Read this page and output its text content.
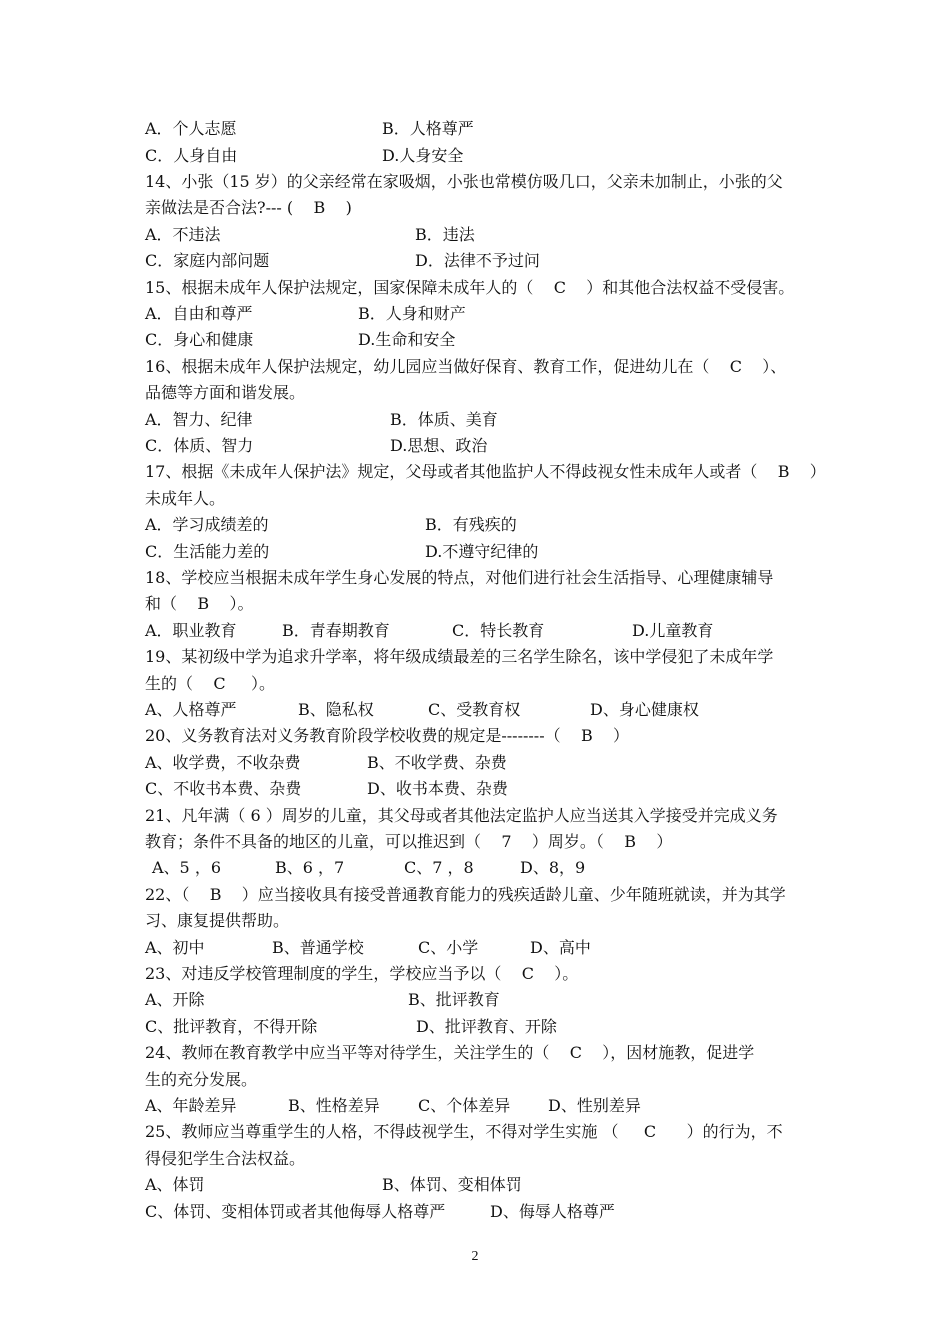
A．个人志愿	B．人格尊严
C．人身自由	D.人身安全
14、小张（15 岁）的父亲经常在家吸烟，小张也常模仿吸几口，父亲未加制止，小张的父
亲做法是否合法?--- (    B    )
A．不违法	B．违法
C．家庭内部问题	D．法律不予过问
15、根据未成年人保护法规定，国家保障未成年人的（    C    ）和其他合法权益不受侵害。
A．自由和尊严	B．人身和财产
C．身心和健康	D.生命和安全
16、根据未成年人保护法规定，幼儿园应当做好保育、教育工作，促进幼儿在（    C    ）、
品德等方面和谐发展。
A．智力、纪律	B．体质、美育
C．体质、智力	D.思想、政治
17、根据《未成年人保护法》规定，父母或者其他监护人不得歧视女性未成年人或者（    B    ）
未成年人。
A．学习成绩差的	B．有残疾的
C．生活能力差的	D.不遵守纪律的
18、学校应当根据未成年学生身心发展的特点，对他们进行社会生活指导、心理健康辅导
和（    B    ）。
A．职业教育	B．青春期教育	C．特长教育	D.儿童教育
19、某初级中学为追求升学率，将年级成绩最差的三名学生除名，该中学侵犯了未成年学
生的（    C     ）。
A、人格尊严	B、隐私权	C、受教育权	D、身心健康权
20、义务教育法对义务教育阶段学校收费的规定是--------（    B    ）
A、收学费，不收杂费	B、不收学费、杂费
C、不收书本费、杂费	D、收书本费、杂费
21、凡年满（ 6 ）周岁的儿童，其父母或者其他法定监护人应当送其入学接受并完成义务
教育；条件不具备的地区的儿童，可以推迟到（    7    ）周岁。（    B    ）
A、5 ，6	B、6 ，7	C、7 ，8	D、8，9
22、（    B    ）应当接收具有接受普通教育能力的残疾适龄儿童、少年随班就读，并为其学
习、康复提供帮助。
A、初中	B、普通学校	C、小学	D、高中
23、对违反学校管理制度的学生，学校应当予以（    C    ）。
A、开除	B、批评教育
C、批评教育，不得开除	D、批评教育、开除
24、教师在教育教学中应当平等对待学生，关注学生的（    C    ），因材施教，促进学
生的充分发展。
A、年龄差异	B、性格差异 C、个体差异 D、性别差异
25、教师应当尊重学生的人格，不得歧视学生，不得对学生实施 （     C      ）的行为，不
得侵犯学生合法权益。
A、体罚	B、体罚、变相体罚
C、体罚、变相体罚或者其他侮辱人格尊严	D、侮辱人格尊严
2
